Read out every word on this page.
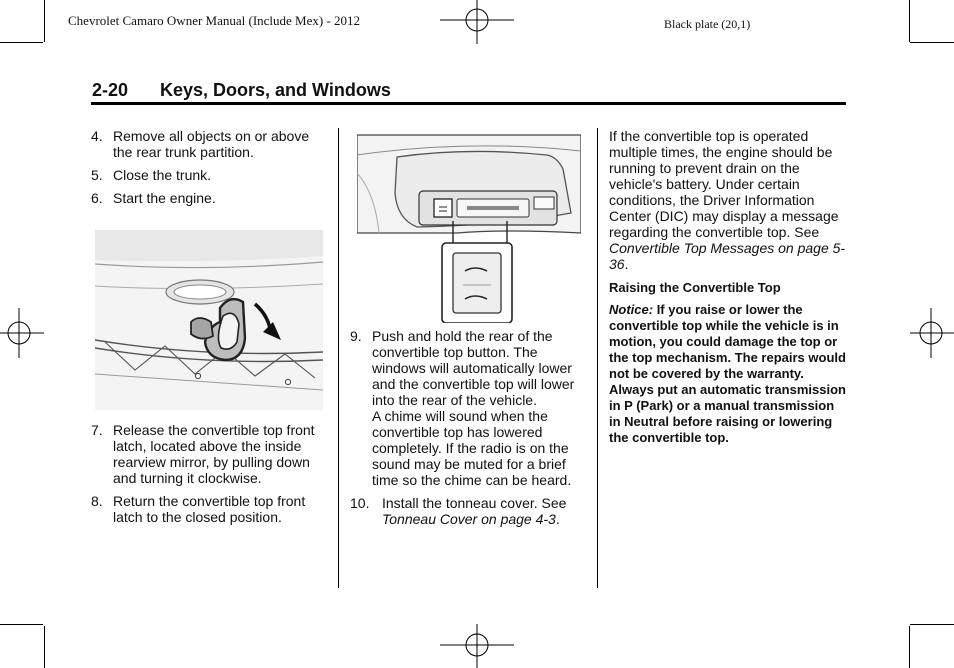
Chevrolet Camaro Owner Manual (Include Mex) - 2012	Black plate (20,1)
2-20 Keys, Doors, and Windows
4. Remove all objects on or above the rear trunk partition.
5. Close the trunk.
6. Start the engine.
7. Release the convertible top front latch, located above the inside rearview mirror, by pulling down and turning it clockwise.
8. Return the convertible top front latch to the closed position.
9. Push and hold the rear of the convertible top button. The windows will automatically lower and the convertible top will lower into the rear of the vehicle.
A chime will sound when the convertible top has lowered completely. If the radio is on the sound may be muted for a brief time so the chime can be heard.
10. Install the tonneau cover. See Tonneau Cover on page 4-3.

If the convertible top is operated multiple times, the engine should be running to prevent drain on the vehicle's battery. Under certain conditions, the Driver Information Center (DIC) may display a message regarding the convertible top. See Convertible Top Messages on page 5-36.

Raising the Convertible Top

Notice: If you raise or lower the convertible top while the vehicle is in motion, you could damage the top or the top mechanism. The repairs would not be covered by the warranty. Always put an automatic transmission in P (Park) or a manual transmission in Neutral before raising or lowering the convertible top.
